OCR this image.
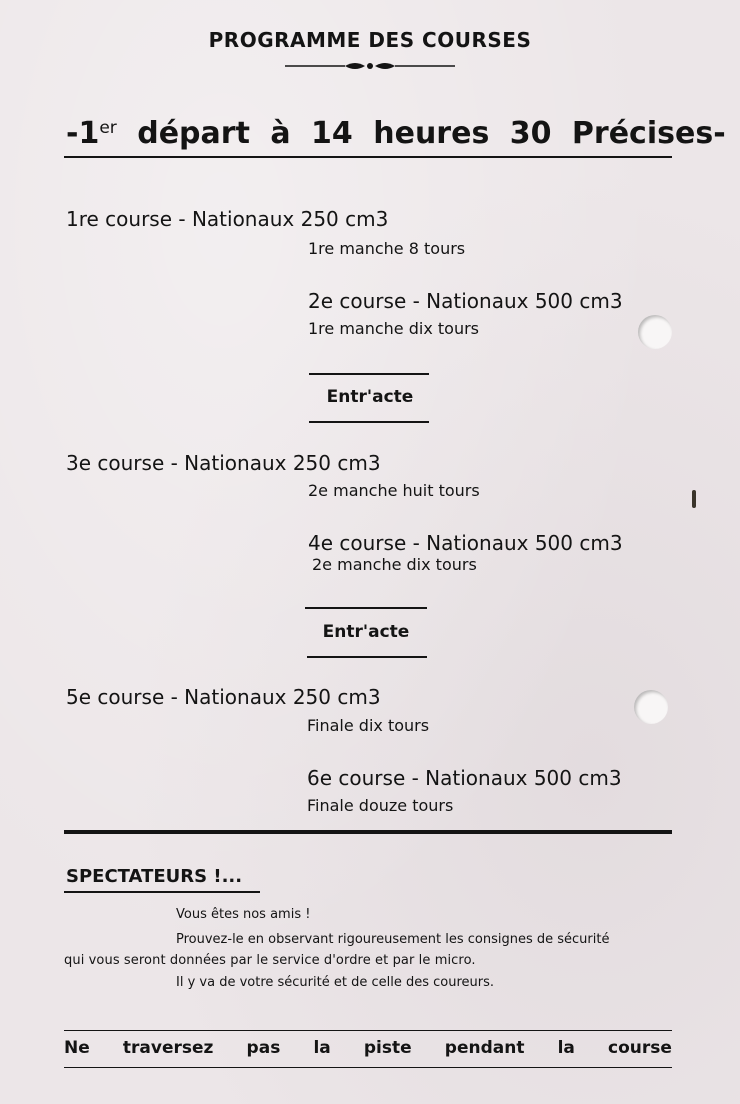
PROGRAMME DES COURSES
-1er départ à 14 heures 30 Précises-
1re course - Nationaux 250 cm3
1re manche 8 tours
2e course - Nationaux 500 cm3
1re manche dix tours
Entr'acte
3e course - Nationaux 250 cm3
2e manche huit tours
4e course - Nationaux 500 cm3
2e manche dix tours
Entr'acte
5e course - Nationaux 250 cm3
Finale dix tours
6e course - Nationaux 500 cm3
Finale douze tours
SPECTATEURS !...
Vous êtes nos amis !
Prouvez-le en observant rigoureusement les consignes de sécurité
qui vous seront données par le service d'ordre et par le micro.
Il y va de votre sécurité et de celle des coureurs.
Ne traversez pas la piste pendant la course
